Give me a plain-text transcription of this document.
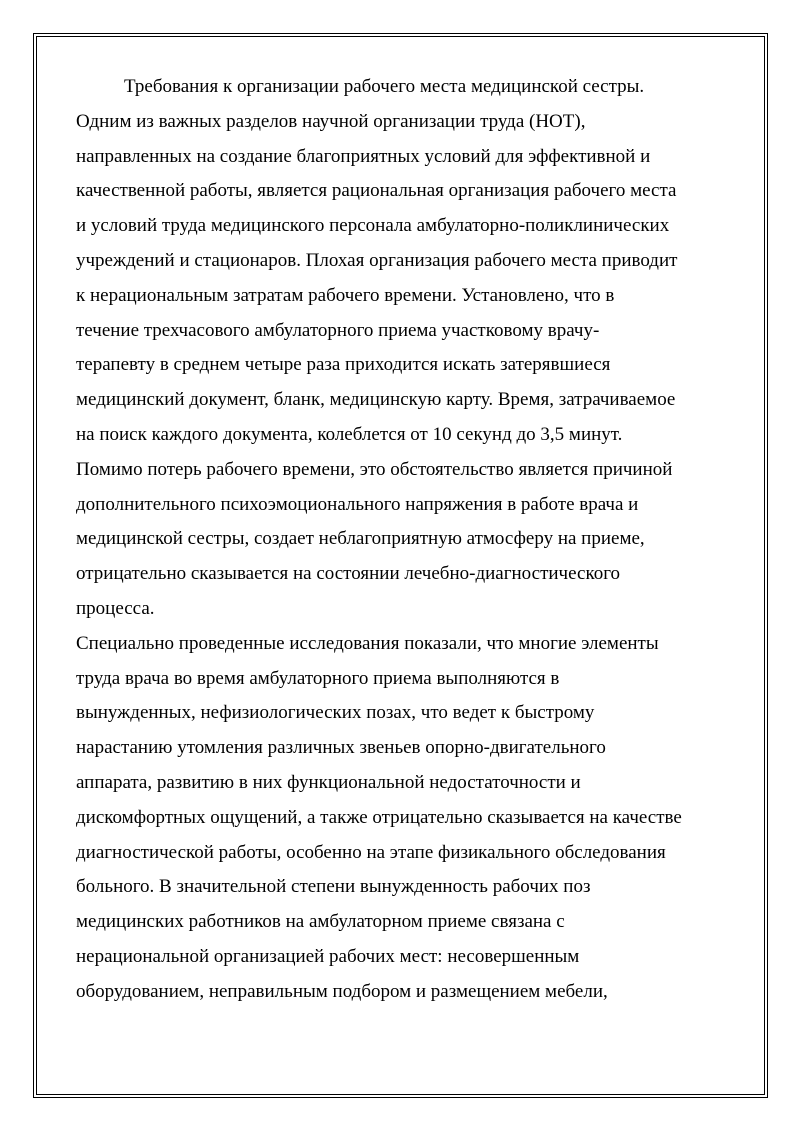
Требования к организации рабочего места медицинской сестры.
Одним из важных разделов научной организации труда (НОТ),
направленных на создание благоприятных условий для эффективной и
качественной работы, является рациональная организация рабочего места
и условий труда медицинского персонала амбулаторно-поликлинических
учреждений и стационаров. Плохая организация рабочего места приводит
к нерациональным затратам рабочего времени. Установлено, что в
течение трехчасового амбулаторного приема участковому врачу-
терапевту в среднем четыре раза приходится искать затерявшиеся
медицинский документ, бланк, медицинскую карту. Время, затрачиваемое
на поиск каждого документа, колеблется от 10 секунд до 3,5 минут.
Помимо потерь рабочего времени, это обстоятельство является причиной
дополнительного психоэмоционального напряжения в работе врача и
медицинской сестры, создает неблагоприятную атмосферу на приеме,
отрицательно сказывается на состоянии лечебно-диагностического
процесса.
Специально проведенные исследования показали, что многие элементы
труда врача во время амбулаторного приема выполняются в
вынужденных, нефизиологических позах, что ведет к быстрому
нарастанию утомления различных звеньев опорно-двигательного
аппарата, развитию в них функциональной недостаточности и
дискомфортных ощущений, а также отрицательно сказывается на качестве
диагностической работы, особенно на этапе физикального обследования
больного. В значительной степени вынужденность рабочих поз
медицинских работников на амбулаторном приеме связана с
нерациональной организацией рабочих мест: несовершенным
оборудованием, неправильным подбором и размещением мебели,
